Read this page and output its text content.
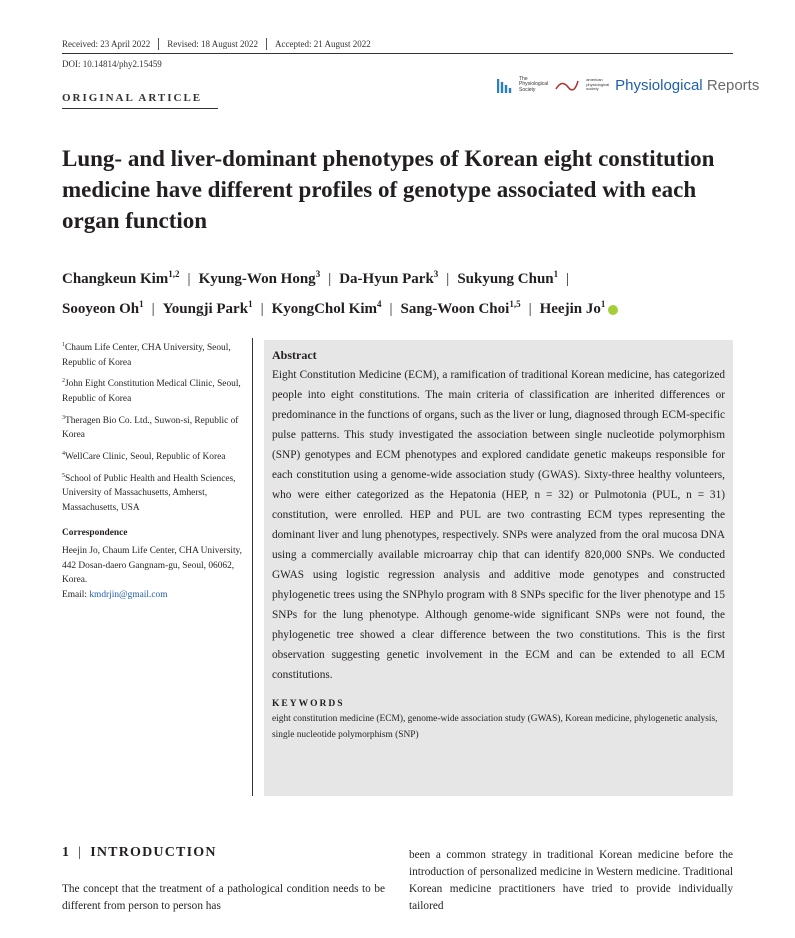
Received: 23 April 2022	Revised: 18 August 2022	Accepted: 21 August 2022
DOI: 10.14814/phy2.15459
ORIGINAL ARTICLE
The
Physiological
Society
american
physiological
society	Physiological Reports
Lung- and liver-dominant phenotypes of Korean eight constitution medicine have different profiles of genotype associated with each organ function
Changkeun Kim$^{1,2}$ | Kyung-Won Hong$^3$ | Da-Hyun Park$^3$ | Sukyung Chun$^1$ |
Sooyeon Oh$^1$ | Youngji Park$^1$ | KyongChol Kim$^4$ | Sang-Woon Choi$^{1,5}$ | Heejin Jo$^1$
$^1$Chaum Life Center, CHA University, Seoul, Republic of Korea
$^2$John Eight Constitution Medical Clinic, Seoul, Republic of Korea
$^3$Theragen Bio Co. Ltd., Suwon-si, Republic of Korea
$^4$WellCare Clinic, Seoul, Republic of Korea
$^5$School of Public Health and Health Sciences, University of Massachusetts, Amherst, Massachusetts, USA
Correspondence
Heejin Jo, Chaum Life Center, CHA University, 442 Dosan-daero Gangnam-gu, Seoul, 06062, Korea.
Email: kmdrjin@gmail.com
Abstract
Eight Constitution Medicine (ECM), a ramification of traditional Korean medicine, has categorized people into eight constitutions. The main criteria of classification are inherited differences or predominance in the functions of organs, such as the liver or lung, diagnosed through ECM-specific pulse patterns. This study investigated the association between single nucleotide polymorphism (SNP) genotypes and ECM phenotypes and explored candidate genetic makeups responsible for each constitution using a genome-wide association study (GWAS). Sixty-three healthy volunteers, who were either categorized as the Hepatonia (HEP, n = 32) or Pulmotonia (PUL, n = 31) constitution, were enrolled. HEP and PUL are two contrasting ECM types representing the dominant liver and lung phenotypes, respectively. SNPs were analyzed from the oral mucosa DNA using a commercially available microarray chip that can identify 820,000 SNPs. We conducted GWAS using logistic regression analysis and additive mode genotypes and constructed phylogenetic trees using the SNPhylo program with 8 SNPs specific for the liver phenotype and 15 SNPs for the lung phenotype. Although genome-wide significant SNPs were not found, the phylogenetic tree showed a clear difference between the two constitutions. This is the first observation suggesting genetic involvement in the ECM and can be extended to all ECM constitutions.
KEYWORDS
eight constitution medicine (ECM), genome-wide association study (GWAS), Korean medicine, phylogenetic analysis, single nucleotide polymorphism (SNP)
1 | INTRODUCTION
The concept that the treatment of a pathological condition needs to be different from person to person has
been a common strategy in traditional Korean medicine before the introduction of personalized medicine in Western medicine. Traditional Korean medicine practitioners have tried to provide individually tailored
